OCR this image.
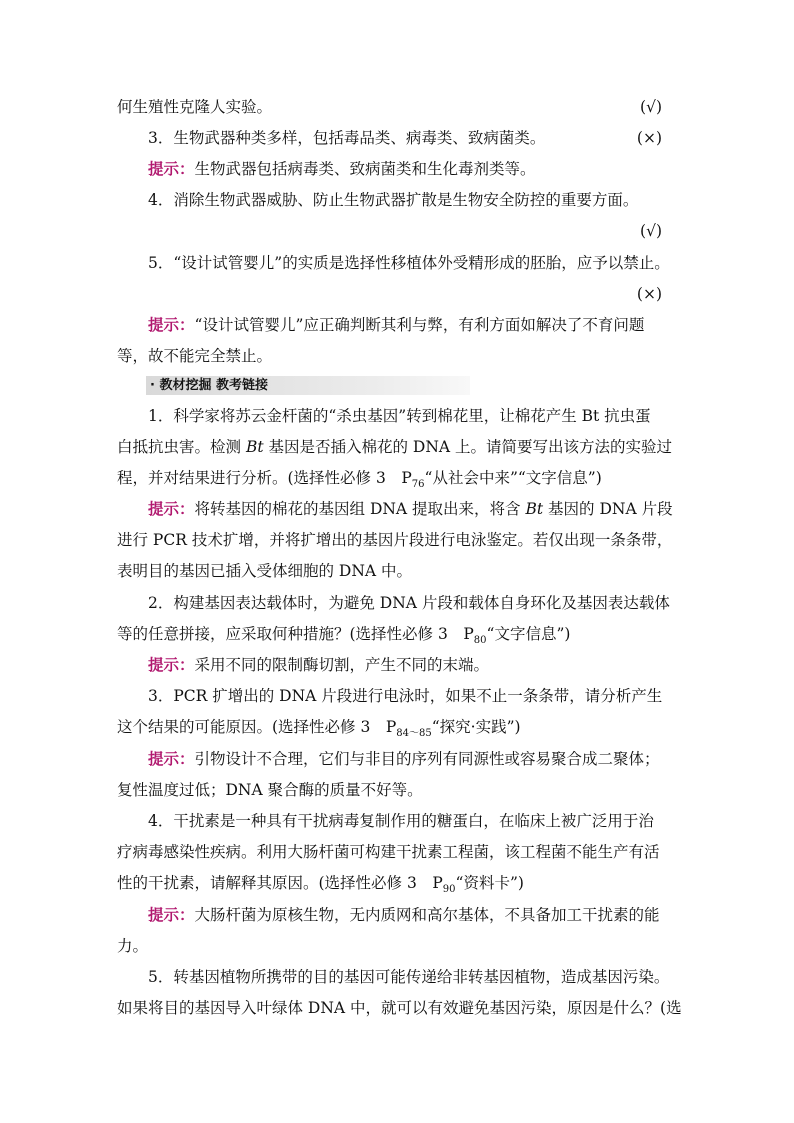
何生殖性克隆人实验。	(√)
3．生物武器种类多样，包括毒品类、病毒类、致病菌类。	(×)
提示：生物武器包括病毒类、致病菌类和生化毒剂类等。
4．消除生物武器威胁、防止生物武器扩散是生物安全防控的重要方面。
(√)
5．“设计试管婴儿”的实质是选择性移植体外受精形成的胚胎，应予以禁止。
(×)
提示：“设计试管婴儿”应正确判断其利与弊，有利方面如解决了不育问题
等，故不能完全禁止。
· 教材挖掘 教考链接
1．科学家将苏云金杆菌的“杀虫基因”转到棉花里，让棉花产生 Bt 抗虫蛋
白抵抗虫害。检测 Bt 基因是否插入棉花的 DNA 上。请简要写出该方法的实验过
程，并对结果进行分析。(选择性必修 3　$P_{76}“$从社会中来”“文字信息”)
提示：将转基因的棉花的基因组 DNA 提取出来，将含 Bt 基因的 DNA 片段
进行 PCR 技术扩增，并将扩增出的基因片段进行电泳鉴定。若仅出现一条条带，
表明目的基因已插入受体细胞的 DNA 中。
2．构建基因表达载体时，为避免 DNA 片段和载体自身环化及基因表达载体
等的任意拼接，应采取何种措施？(选择性必修 3　$P_{80}“$文字信息”)
提示：采用不同的限制酶切割，产生不同的末端。
3．PCR 扩增出的 DNA 片段进行电泳时，如果不止一条条带，请分析产生
这个结果的可能原因。(选择性必修 3　$P_{84\sim 85}“$探究·实践”)
提示：引物设计不合理，它们与非目的序列有同源性或容易聚合成二聚体；
复性温度过低；DNA 聚合酶的质量不好等。
4．干扰素是一种具有干扰病毒复制作用的糖蛋白，在临床上被广泛用于治
疗病毒感染性疾病。利用大肠杆菌可构建干扰素工程菌，该工程菌不能生产有活
性的干扰素，请解释其原因。(选择性必修 3　$P_{90}“$资料卡”)
提示：大肠杆菌为原核生物，无内质网和高尔基体，不具备加工干扰素的能
力。
5．转基因植物所携带的目的基因可能传递给非转基因植物，造成基因污染。
如果将目的基因导入叶绿体 DNA 中，就可以有效避免基因污染，原因是什么？(选
